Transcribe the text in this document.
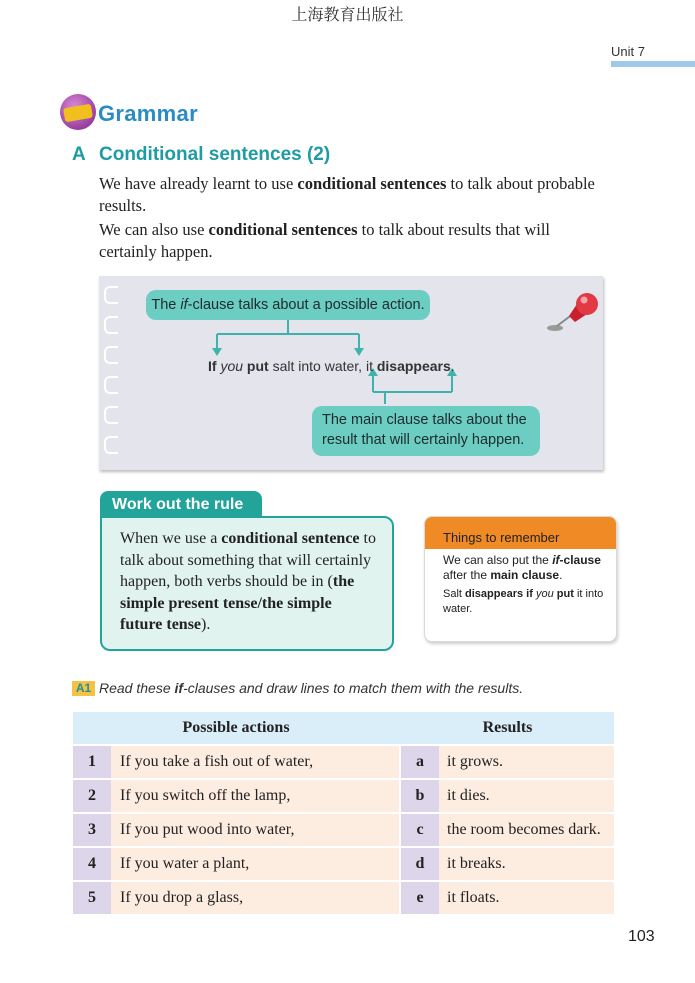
上海教育出版社
Unit 7
Grammar
A Conditional sentences (2)
We have already learnt to use conditional sentences to talk about probable results.
We can also use conditional sentences to talk about results that will certainly happen.
The if-clause talks about a possible action.
If you put salt into water, it disappears.
The main clause talks about the result that will certainly happen.
Work out the rule
When we use a conditional sentence to talk about something that will certainly happen, both verbs should be in (the simple present tense/the simple future tense).
Things to remember
We can also put the if-clause after the main clause.
Salt disappears if you put it into water.
A1 Read these if-clauses and draw lines to match them with the results.
Possible actions			Results	
1	If you take a fish out of water,		a	it grows.
2	If you switch off the lamp,		b	it dies.
3	If you put wood into water,		c	the room becomes dark.
4	If you water a plant,		d	it breaks.
5	If you drop a glass,		e	it floats.
103
